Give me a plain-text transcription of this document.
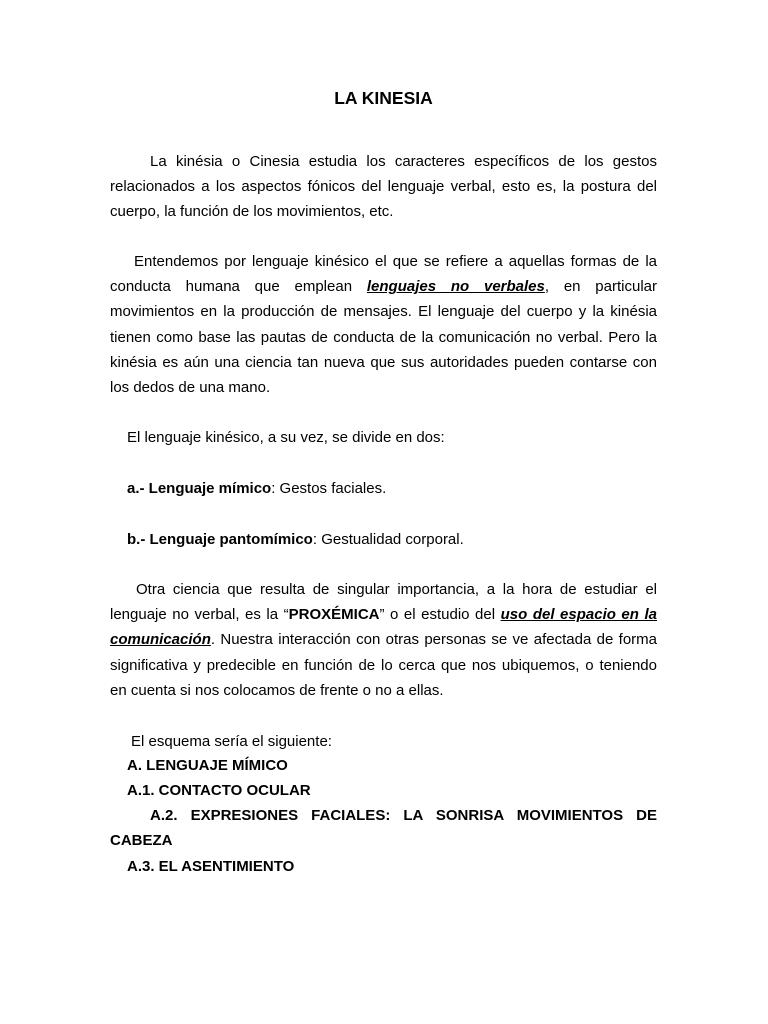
LA KINESIA

La kinésia o Cinesia estudia los caracteres específicos de los gestos relacionados a los aspectos fónicos del lenguaje verbal, esto es, la postura del cuerpo, la función de los movimientos, etc.

Entendemos por lenguaje kinésico el que se refiere a aquellas formas de la conducta humana que emplean lenguajes no verbales, en particular movimientos en la producción de mensajes. El lenguaje del cuerpo y la kinésia tienen como base las pautas de conducta de la comunicación no verbal. Pero la kinésia es aún una ciencia tan nueva que sus autoridades pueden contarse con los dedos de una mano.

El lenguaje kinésico, a su vez, se divide en dos:

a.- Lenguaje mímico: Gestos faciales.

b.- Lenguaje pantomímico: Gestualidad corporal.

Otra ciencia que resulta de singular importancia, a la hora de estudiar el lenguaje no verbal, es la “PROXÉMICA” o el estudio del uso del espacio en la comunicación. Nuestra interacción con otras personas se ve afectada de forma significativa y predecible en función de lo cerca que nos ubiquemos, o teniendo en cuenta si nos colocamos de frente o no a ellas.

El esquema sería el siguiente:

A. LENGUAJE MÍMICO

A.1. CONTACTO OCULAR

A.2. EXPRESIONES FACIALES: LA SONRISA MOVIMIENTOS DE CABEZA

A.3. EL ASENTIMIENTO
